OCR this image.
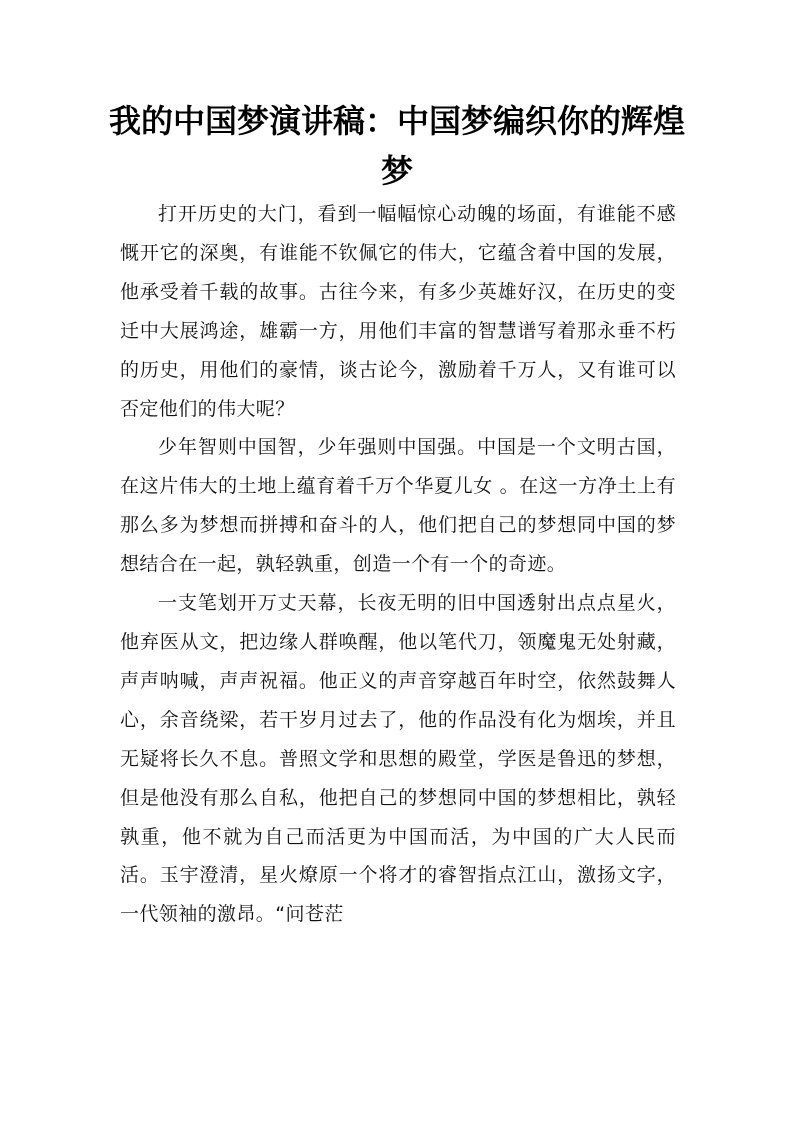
我的中国梦演讲稿：中国梦编织你的辉煌梦

打开历史的大门，看到一幅幅惊心动魄的场面，有谁能不感慨开它的深奥，有谁能不钦佩它的伟大，它蕴含着中国的发展，他承受着千载的故事。古往今来，有多少英雄好汉，在历史的变迁中大展鸿途，雄霸一方，用他们丰富的智慧谱写着那永垂不朽的历史，用他们的豪情，谈古论今，激励着千万人，又有谁可以否定他们的伟大呢？

少年智则中国智，少年强则中国强。中国是一个文明古国，在这片伟大的土地上蕴育着千万个华夏儿女 。在这一方净土上有那么多为梦想而拼搏和奋斗的人，他们把自己的梦想同中国的梦想结合在一起，孰轻孰重，创造一个有一个的奇迹。

一支笔划开万丈天幕，长夜无明的旧中国透射出点点星火，他弃医从文，把边缘人群唤醒，他以笔代刀，领魔鬼无处射藏，声声呐喊，声声祝福。他正义的声音穿越百年时空，依然鼓舞人心，余音绕梁，若干岁月过去了，他的作品没有化为烟埃，并且无疑将长久不息。普照文学和思想的殿堂，学医是鲁迅的梦想，但是他没有那么自私，他把自己的梦想同中国的梦想相比，孰轻孰重，他不就为自己而活更为中国而活，为中国的广大人民而活。玉宇澄清，星火燎原一个将才的睿智指点江山，激扬文字，一代领袖的激昂。“问苍茫
